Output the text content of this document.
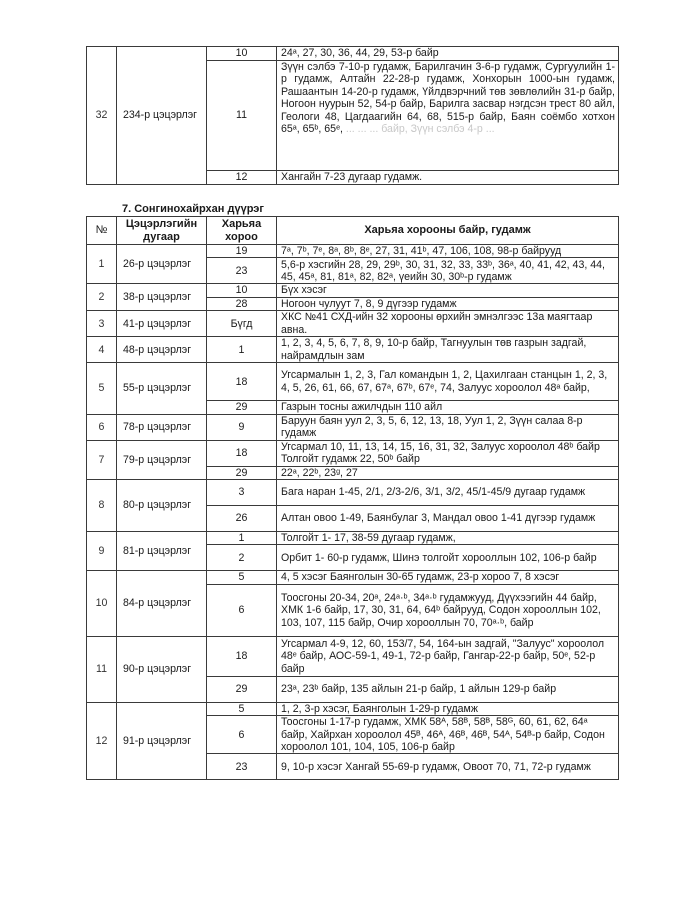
32	234-р цэцэрлэг	10	24ᵃ, 27, 30, 36, 44, 29, 53-р байр
		11	Зүүн сэлбэ 7-10-р гудамж, Барилгачин 3-6-р гудамж, Сургуулийн 1-р гудамж, Алтайн 22-28-р гудамж, Хонхорын 1000-ын гудамж, Рашаантын 14-20-р гудамж, Үйлдвэрчний төв зөвлөлийн 31-р байр, Ногоон нуурын 52, 54-р байр, Барилга засвар нэгдсэн трест 80 айл, Геологи 48, Цагдаагийн 64, 68, 515-р байр, Баян соёмбо хотхон 65ᵃ, 65ᵇ, 65ᵉ, ... ... ... байр, Зүүн сэлбэ 4-р ...
		12	Хангайн 7-23 дугаар гудамж.
7. Сонгинохайрхан дүүрэг
№	Цэцэрлэгийн дугаар	Харьяа хороо	Харьяа хорооны байр, гудамж
1	26-р цэцэрлэг	19	7ᵃ, 7ᵇ, 7ᵉ, 8ᵃ, 8ᵇ, 8ᵉ, 27, 31, 41ᵇ, 47, 106, 108, 98-р байрууд
		23	5,6-р хэсгийн 28, 29, 29ᵇ, 30, 31, 32, 33, 33ᵇ, 36ᵃ, 40, 41, 42, 43, 44, 45, 45ᵃ, 81, 81ᵃ, 82, 82ᵃ, үеийн 30, 30ᵇ-р гудамж
2	38-р цэцэрлэг	10	Бүх хэсэг
		28	Ногоон чулуут 7, 8, 9 дүгээр гудамж
3	41-р цэцэрлэг	Бүгд	ХКС №41 СХД-ийн 32 хорооны өрхийн эмнэлгээс 13а маягтаар авна.
4	48-р цэцэрлэг	1	1, 2, 3, 4, 5, 6, 7, 8, 9, 10-р байр, Тагнуулын төв газрын задгай, найрамдлын зам
5	55-р цэцэрлэг	18	Угсармалын 1, 2, 3, Гал командын 1, 2, Цахилгаан станцын 1, 2, 3, 4, 5, 26, 61, 66, 67, 67ᵃ, 67ᵇ, 67ᵉ, 74, Залуус хороолол 48ᵃ байр,
		29	Газрын тосны ажилчдын 110 айл
6	78-р цэцэрлэг	9	Баруун баян уул 2, 3, 5, 6, 12, 13, 18, Уул 1, 2, Зүүн салаа 8-р гудамж
7	79-р цэцэрлэг	18	Угсармал 10, 11, 13, 14, 15, 16, 31, 32, Залуус хороолол 48ᵇ байр Толгойт гудамж 22, 50ᵇ байр
		29	22ᵃ, 22ᵇ, 23ᵍ, 27
8	80-р цэцэрлэг	3	Бага наран 1-45, 2/1, 2/3-2/6, 3/1, 3/2, 45/1-45/9 дугаар гудамж
		26	Алтан овоо 1-49, Баянбулаг 3, Мандал овоо 1-41 дүгээр гудамж
9	81-р цэцэрлэг	1	Толгойт 1- 17, 38-59 дугаар гудамж,
		2	Орбит 1- 60-р гудамж, Шинэ толгойт хорооллын 102, 106-р байр
10	84-р цэцэрлэг	5	4, 5 хэсэг Баянголын 30-65 гудамж, 23-р хороо 7, 8 хэсэг
		6	Тоосгоны 20-34, 20ᵃ, 24ᵃ·ᵇ, 34ᵃ·ᵇ гудамжууд, Дүүхээгийн 44 байр, ХМК 1-6 байр, 17, 30, 31, 64, 64ᵇ байрууд, Содон хорооллын 102, 103, 107, 115 байр, Очир хорооллын 70, 70ᵃ·ᵇ, байр
11	90-р цэцэрлэг	18	Угсармал 4-9, 12, 60, 153/7, 54, 164-ын задгай, "Залуус" хороолол 48ᵉ байр, АОС-59-1, 49-1, 72-р байр, Гангар-22-р байр, 50ᵉ, 52-р байр
		29	23ᵃ, 23ᵇ байр, 135 айлын 21-р байр, 1 айлын 129-р байр
12	91-р цэцэрлэг	5	1, 2, 3-р хэсэг, Баянголын 1-29-р гудамж
		6	Тоосгоны 1-17-р гудамж, ХМК 58ᴬ, 58ᴮ, 58ᴮ, 58ᴳ, 60, 61, 62, 64ᵃ байр, Хайрхан хороолол 45ᴮ, 46ᴬ, 46ᴮ, 46ᴮ, 54ᴬ, 54ᴮ-р байр, Содон хороолол 101, 104, 105, 106-р байр
		23	9, 10-р хэсэг Хангай 55-69-р гудамж, Овоот 70, 71, 72-р гудамж
